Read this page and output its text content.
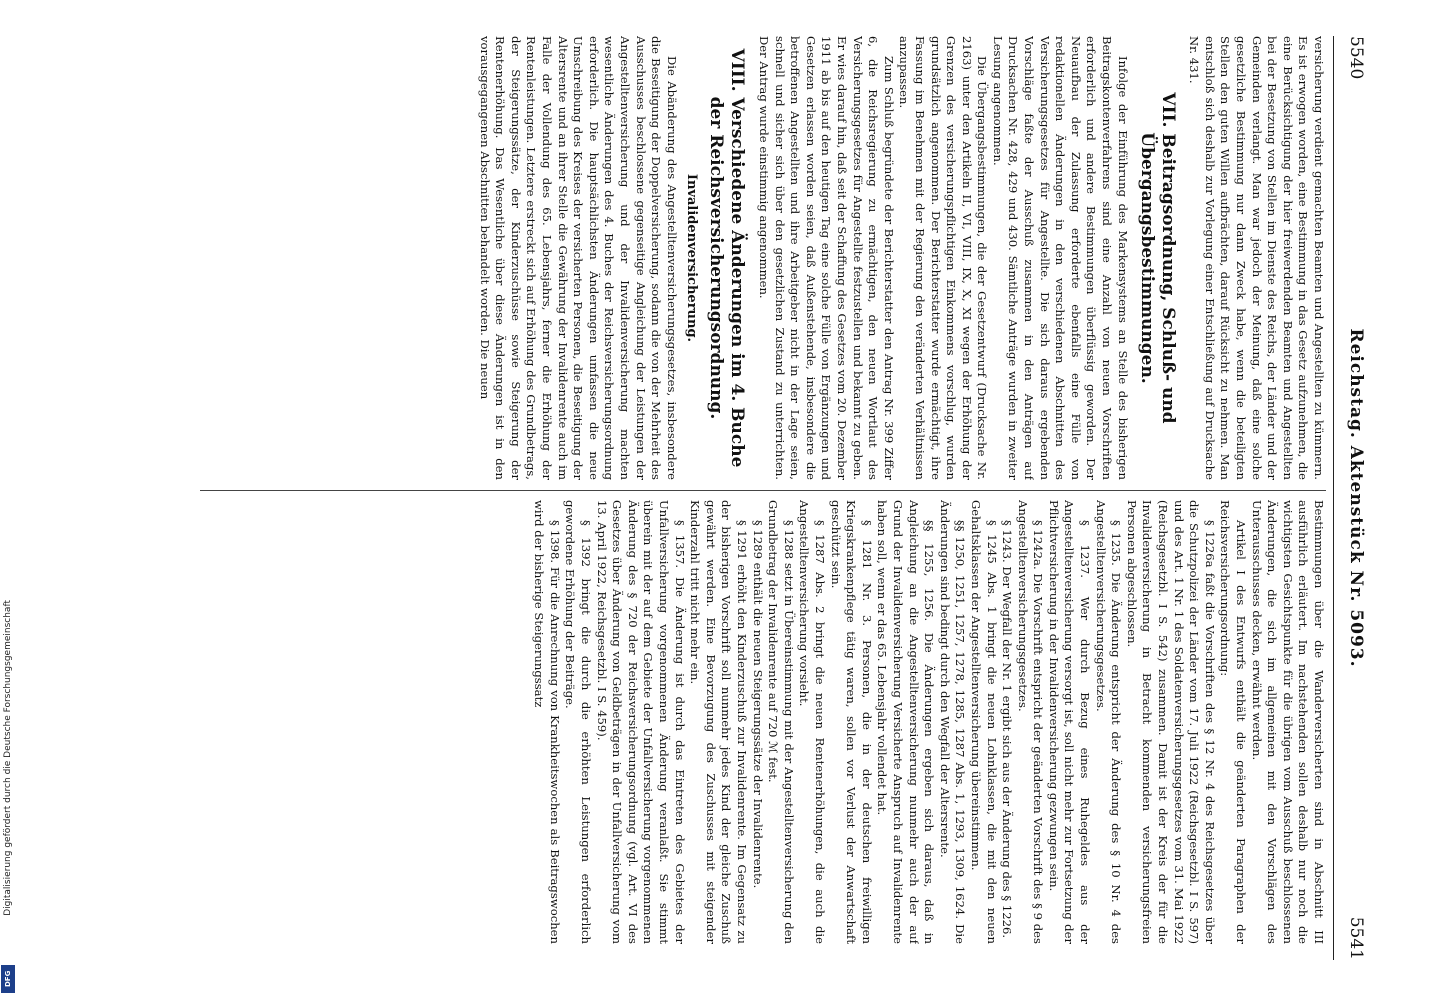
5540
Reichstag. Aktenstück Nr. 5093.
5541

versicherung verdient gemachten Beamten und Angestellten zu kümmern. Es ist erwogen worden, eine Bestimmung in das Gesetz aufzunehmen, die eine Berücksichtigung der hier freiwerdenden Beamten und Angestellten bei der Besetzung von Stellen im Dienste des Reichs, der Länder und der Gemeinden verlangt. Man war jedoch der Meinung, daß eine solche gesetzliche Bestimmung nur dann Zweck habe, wenn die beteiligten Stellen den guten Willen aufbrächten, darauf Rücksicht zu nehmen. Man entschloß sich deshalb zur Vorlegung einer Entschließung auf Drucksache Nr. 431.

VII. Beitragsordnung, Schluß- und Übergangsbestimmungen.

Infolge der Einführung des Markensystems an Stelle des bisherigen Beitragskontenverfahrens sind eine Anzahl von neuen Vorschriften erforderlich und andere Bestimmungen überflüssig geworden. Der Neuaufbau der Zulassung erforderte ebenfalls eine Fülle von redaktionellen Änderungen in den verschiedenen Abschnitten des Versicherungsgesetzes für Angestellte. Die sich daraus ergebenden Vorschläge faßte der Ausschuß zusammen in den Anträgen auf Drucksachen Nr. 428, 429 und 430. Sämtliche Anträge wurden in zweiter Lesung angenommen.

Die Übergangsbestimmungen, die der Gesetzentwurf (Drucksache Nr. 2163) unter den Artikeln II, VI, VIII, IX, X, XI wegen der Erhöhung der Grenzen des versicherungspflichtigen Einkommens vorschlug, wurden grundsätzlich angenommen. Der Berichterstatter wurde ermächtigt, ihre Fassung im Benehmen mit der Regierung den veränderten Verhältnissen anzupassen.

Zum Schluß begründete der Berichterstatter den Antrag Nr. 399 Ziffer 6, die Reichsregierung zu ermächtigen, den neuen Wortlaut des Versicherungsgesetzes für Angestellte festzustellen und bekannt zu geben. Er wies darauf hin, daß seit der Schaffung des Gesetzes vom 20. Dezember 1911 ab bis auf den heutigen Tag eine solche Fülle von Ergänzungen und Gesetzen erlassen worden seien, daß Außenstehende, insbesondere die betroffenen Angestellten und ihre Arbeitgeber nicht in der Lage seien, schnell und sicher sich über den gesetzlichen Zustand zu unterrichten. Der Antrag wurde einstimmig angenommen.

VIII. Verschiedene Änderungen im 4. Buche der Reichsversicherungsordnung.
Invalidenversicherung.

Die Abänderung des Angestelltenversicherungsgesetzes, insbesondere die Beseitigung der Doppelversicherung, sodann die von der Mehrheit des Ausschusses beschlossene gegenseitige Angleichung der Leistungen der Angestelltenversicherung und der Invalidenversicherung machten wesentliche Änderungen des 4. Buches der Reichsversicherungsordnung erforderlich. Die hauptsächlichsten Änderungen umfassen die neue Umschreibung des Kreises der versicherten Personen, die Beseitigung der Altersrente und an ihrer Stelle die Gewährung der Invalidenrente auch im Falle der Vollendung des 65. Lebensjahrs, ferner die Erhöhung der Rentenleistungen. Letztere erstreckt sich auf Erhöhung des Grundbetrags, der Steigerungssätze, der Kinderzuschüsse sowie Steigerung der Rentenerhöhung. Das Wesentliche über diese Änderungen ist in den vorausgegangenen Abschnitten behandelt worden. Die neuen

Bestimmungen über die Wanderversicherten sind in Abschnitt III ausführlich erläutert. Im nachstehenden sollen deshalb nur noch die wichtigsten Gesichtspunkte für die übrigen vom Ausschuß beschlossenen Änderungen, die sich im allgemeinen mit den Vorschlägen des Unterausschusses decken, erwähnt werden.

Artikel I des Entwurfs enthält die geänderten Paragraphen der Reichsversicherungsordnung:

§ 1226a faßt die Vorschriften des § 12 Nr. 4 des Reichsgesetzes über die Schutzpolizei der Länder vom 17. Juli 1922 (Reichsgesetzbl. I S. 597) und des Art. 1 Nr. 1 des Soldatenversicherungsgesetzes vom 31. Mai 1922 (Reichsgesetzbl. I S. 542) zusammen. Damit ist der Kreis der für die Invalidenversicherung in Betracht kommenden versicherungsfreien Personen abgeschlossen.

§ 1235. Die Änderung entspricht der Änderung des § 10 Nr. 4 des Angestelltenversicherungsgesetzes.

§ 1237. Wer durch Bezug eines Ruhegeldes aus der Angestelltenversicherung versorgt ist, soll nicht mehr zur Fortsetzung der Pflichtversicherung in der Invalidenversicherung gezwungen sein.

§ 1242a. Die Vorschrift entspricht der geänderten Vorschrift des § 9 des Angestelltenversicherungsgesetzes.

§ 1243. Der Wegfall der Nr. 1 ergibt sich aus der Änderung des § 1226.

§ 1245 Abs. 1 bringt die neuen Lohnklassen, die mit den neuen Gehaltsklassen der Angestelltenversicherung übereinstimmen.

§§ 1250, 1251, 1257, 1278, 1285, 1287 Abs. 1, 1293, 1309, 1624. Die Änderungen sind bedingt durch den Wegfall der Altersrente.

§§ 1255, 1256. Die Änderungen ergeben sich daraus, daß in Angleichung an die Angestelltenversicherung nunmehr auch der auf Grund der Invalidenversicherung Versicherte Anspruch auf Invalidenrente haben soll, wenn er das 65. Lebensjahr vollendet hat.

§ 1281 Nr. 3. Personen, die in der deutschen freiwilligen Kriegskrankenpflege tätig waren, sollen vor Verlust der Anwartschaft geschützt sein.

§ 1287 Abs. 2 bringt die neuen Rentenerhöhungen, die auch die Angestelltenversicherung vorsieht.

§ 1288 setzt in Übereinstimmung mit der Angestelltenversicherung den Grundbetrag der Invalidenrente auf 720 ℳ fest.

§ 1289 enthält die neuen Steigerungssätze der Invalidenrente.

§ 1291 erhöht den Kinderzuschuß zur Invalidenrente. Im Gegensatz zu der bisherigen Vorschrift soll nunmehr jedes Kind der gleiche Zuschuß gewährt werden. Eine Bevorzugung des Zuschusses mit steigender Kinderzahl tritt nicht mehr ein.

§ 1357. Die Änderung ist durch das Eintreten des Gebietes der Unfallversicherung vorgenommenen Änderung veranlaßt. Sie stimmt überein mit der auf dem Gebiete der Unfallversicherung vorgenommenen Änderung des § 720 der Reichsversicherungsordnung (vgl. Art. VI des Gesetzes über Änderung von Geldbeträgen in der Unfallversicherung vom 13. April 1922, Reichsgesetzbl. I S. 459).

§ 1392 bringt die durch die erhöhten Leistungen erforderlich gewordene Erhöhung der Beiträge.

§ 1398. Für die Anrechnung von Krankheitswochen als Beitragswochen wird der bisherige Steigerungssatz

Digitalisierung gefördert durch die Deutsche Forschungsgemeinschaft
DFG
